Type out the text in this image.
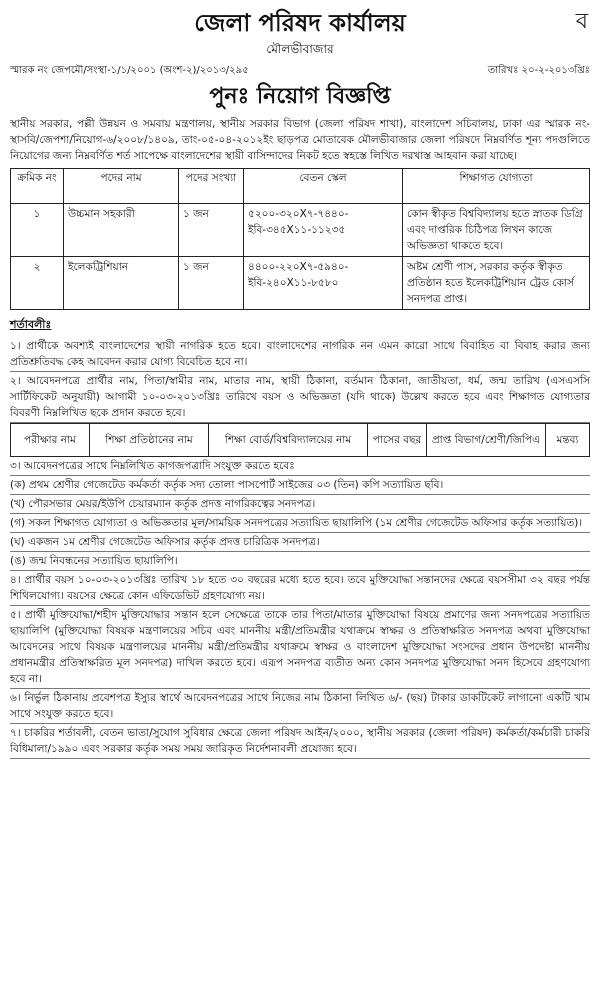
ব
জেলা পরিষদ কার্যালয়
মৌলভীবাজার
স্মারক নং জেপমৌ/সংস্থা-১/১/২০০১ (অংশ-২)/২০১৩/২৯৫	তারিখঃ ২০-২-২০১৩খ্রিঃ
পুনঃ নিয়োগ বিজ্ঞপ্তি
স্থানীয় সরকার, পল্লী উন্নয়ন ও সমবায় মন্ত্রণালয়, স্থানীয় সরকার বিভাগ (জেলা পরিষদ শাখা), বাংলাদেশ সচিবালয়, ঢাকা এর স্মারক নং-স্থাসবি/জেপশা/নিয়োগ-৬/২০০৮/১৪০৯, তাং-০৫-০৪-২০১২ইং ছাড়পত্র মোতাবেক মৌলভীবাজার জেলা পরিষদে নিম্নবর্ণিত শূন্য পদগুলিতে নিয়োগের জন্য নিম্নবর্ণিত শর্ত সাপেক্ষে বাংলাদেশের স্থায়ী বাসিন্দাদের নিকট হতে স্বহস্তে লিখিত দরখাস্ত আহবান করা যাচ্ছে।
ক্রমিক নং	পদের নাম	পদের সংখ্যা	বেতন স্কেল	শিক্ষাগত যোগ্যতা
১	উচ্চমান সহকারী	১ জন	৫২০০-৩২০X৭-৭৪৪০-ইবি-৩৪৫X১১-১১২৩৫	কোন স্বীকৃত বিশ্ববিদ্যালয় হতে স্নাতক ডিগ্রি এবং দাপ্তরিক চিঠিপত্র লিখন কাজে অভিজ্ঞতা থাকতে হবে।
২	ইলেকট্রিশিয়ান	১ জন	৪৪০০-২২০X৭-৫৯৪০-ইবি-২৪০X১১-৮৫৮০	অষ্টম শ্রেণী পাস, সরকার কর্তৃক স্বীকৃত প্রতিষ্ঠান হতে ইলেকট্রিশিয়ান ট্রেড কোর্স সনদপত্র প্রাপ্ত।
শর্তাবলীঃ
১। প্রার্থীকে অবশ্যই বাংলাদেশের স্থায়ী নাগরিক হতে হবে। বাংলাদেশের নাগরিক নন এমন কারো সাথে বিবাহিত বা বিবাহ করার জন্য প্রতিশ্রুতিবদ্ধ কেহ আবেদন করার যোগ্য বিবেচিত হবে না।
২। আবেদনপত্রে প্রার্থীর নাম, পিতা/স্বামীর নাম, মাতার নাম, স্থায়ী ঠিকানা, বর্তমান ঠিকানা, জাতীয়তা, ধর্ম, জন্ম তারিখ (এসএসসি সার্টিফিকেট অনুযায়ী) আগামী ১০-০৩-২০১৩খ্রিঃ তারিখে বয়স ও অভিজ্ঞতা (যদি থাকে) উল্লেখ করতে হবে এবং শিক্ষাগত যোগ্যতার বিবরণী নিম্নলিখিত ছকে প্রদান করতে হবে।
পরীক্ষার নাম	শিক্ষা প্রতিষ্ঠানের নাম	শিক্ষা বোর্ড/বিশ্ববিদ্যালয়ের নাম	পাসের বছর	প্রাপ্ত বিভাগ/শ্রেণী/জিপিএ	মন্তব্য
৩। আবেদনপত্রের সাথে নিম্নলিখিত কাগজপত্রাদি সংযুক্ত করতে হবেঃ
(ক) প্রথম শ্রেণীর গেজেটেড কর্মকর্তা কর্তৃক সদ্য তোলা পাসপোর্ট সাইজের ০৩ (তিন) কপি সত্যায়িত ছবি।
(খ) পৌরসভার মেয়র/ইউপি চেয়ারম্যান কর্তৃক প্রদত্ত নাগরিকত্বের সনদপত্র।
(গ) সকল শিক্ষাগত যোগ্যতা ও অভিজ্ঞতার মূল/সাময়িক সনদপত্রের সত্যায়িত ছায়ালিপি (১ম শ্রেণীর গেজেটেড অফিসার কর্তৃক সত্যায়িত)।
(ঘ) একজন ১ম শ্রেণীর গেজেটেড অফিসার কর্তৃক প্রদত্ত চারিত্রিক সনদপত্র।
(ঙ) জন্ম নিবন্ধনের সত্যায়িত ছায়ালিপি।
৪। প্রার্থীর বয়স ১০-০৩-২০১৩খ্রিঃ তারিখ ১৮ হতে ৩০ বছরের মধ্যে হতে হবে। তবে মুক্তিযোদ্ধা সন্তানদের ক্ষেত্রে বয়সসীমা ৩২ বছর পর্যন্ত শিথিলযোগ্য। বয়সের ক্ষেত্রে কোন এফিডেভিট গ্রহণযোগ্য নয়।
৫। প্রার্থী মুক্তিযোদ্ধা/শহীদ মুক্তিযোদ্ধার সন্তান হলে সেক্ষেত্রে তাকে তার পিতা/মাতার মুক্তিযোদ্ধা বিষয়ে প্রমাণের জন্য সনদপত্রের সত্যায়িত ছায়ালিপি (মুক্তিযোদ্ধা বিষয়ক মন্ত্রণালয়ের সচিব এবং মাননীয় মন্ত্রী/প্রতিমন্ত্রীর যথাক্রমে স্বাক্ষর ও প্রতিস্বাক্ষরিত সনদপত্র অথবা মুক্তিযোদ্ধা আবেদনের সাথে বিষয়ক মন্ত্রণালয়ের মাননীয় মন্ত্রী/প্রতিমন্ত্রীর যথাক্রমে স্বাক্ষর ও বাংলাদেশ মুক্তিযোদ্ধা সংসদের প্রধান উপদেষ্টা মাননীয় প্রধানমন্ত্রীর প্রতিস্বাক্ষরিত মূল সনদপত্র) দাখিল করতে হবে। এরূপ সনদপত্র ব্যতীত অন্য কোন সনদপত্র মুক্তিযোদ্ধা সনদ হিসেবে গ্রহণযোগ্য হবে না।
৬। নির্ভুল ঠিকানায় প্রবেশপত্র ইস্যুর স্বার্থে আবেদনপত্রের সাথে নিজের নাম ঠিকানা লিখিত ৬/- (ছয়) টাকার ডাকটিকেট লাগানো একটি খাম সাথে সংযুক্ত করতে হবে।
৭। চাকরির শর্তাবলী, বেতন ভাতা/সুযোগ সুবিধার ক্ষেত্রে জেলা পরিষদ আইন/২০০০, স্থানীয় সরকার (জেলা পরিষদ) কর্মকর্তা/কর্মচারী চাকরি বিধিমালা/১৯৯০ এবং সরকার কর্তৃক সময় সময় জারিকৃত নির্দেশনাবলী প্রযোজ্য হবে।
